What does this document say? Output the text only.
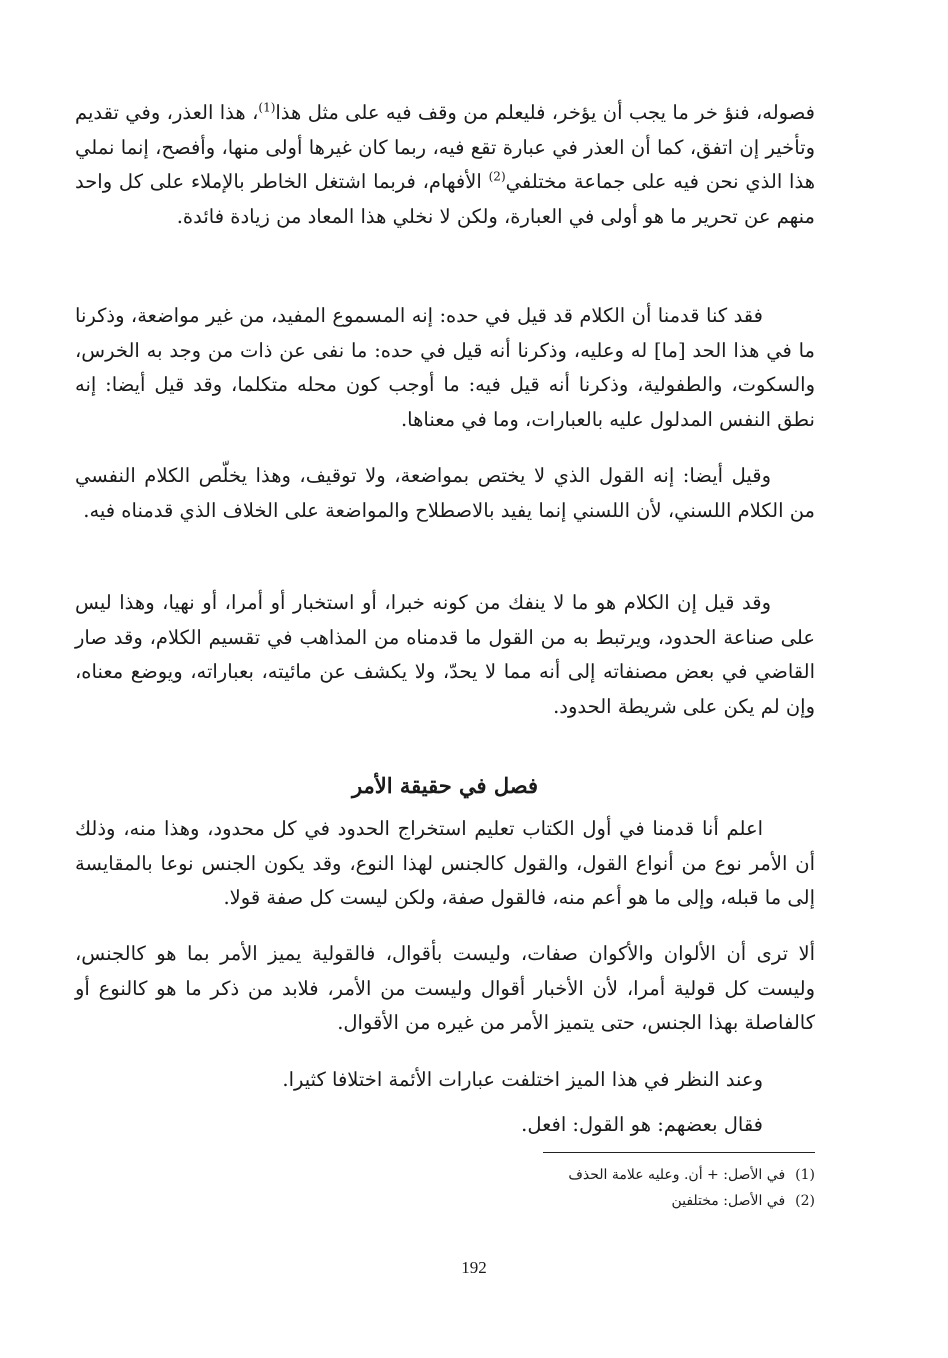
فصوله، فنؤ خر ما يجب أن يؤخر، فليعلم من وقف فيه على مثل هذا$^{(1)}$، هذا العذر، وفي تقديم وتأخير إن اتفق، كما أن العذر في عبارة تقع فيه، ربما كان غيرها أولى منها، وأفصح، إنما نملي هذا الذي نحن فيه على جماعة مختلفي$^{(2)}$ الأفهام، فربما اشتغل الخاطر بالإملاء على كل واحد منهم عن تحرير ما هو أولى في العبارة، ولكن لا نخلي هذا المعاد من زيادة فائدة.

فقد كنا قدمنا أن الكلام قد قيل في حده: إنه المسموع المفيد، من غير مواضعة، وذكرنا ما في هذا الحد [ما] له وعليه، وذكرنا أنه قيل في حده: ما نفى عن ذات من وجد به الخرس، والسكوت، والطفولية، وذكرنا أنه قيل فيه: ما أوجب كون محله متكلما، وقد قيل أيضا: إنه نطق النفس المدلول عليه بالعبارات، وما في معناها.

وقيل أيضا: إنه القول الذي لا يختص بمواضعة، ولا توقيف، وهذا يخلّص الكلام النفسي من الكلام اللسني، لأن اللسني إنما يفيد بالاصطلاح والمواضعة على الخلاف الذي قدمناه فيه.

وقد قيل إن الكلام هو ما لا ينفك من كونه خبرا، أو استخبار أو أمرا، أو نهيا، وهذا ليس على صناعة الحدود، ويرتبط به من القول ما قدمناه من المذاهب في تقسيم الكلام، وقد صار القاضي في بعض مصنفاته إلى أنه مما لا يحدّ، ولا يكشف عن مائيته، بعباراته، ويوضع معناه، وإن لم يكن على شريطة الحدود.

فصل في حقيقة الأمر

اعلم أنا قدمنا في أول الكتاب تعليم استخراج الحدود في كل محدود، وهذا منه، وذلك أن الأمر نوع من أنواع القول، والقول كالجنس لهذا النوع، وقد يكون الجنس نوعا بالمقايسة إلى ما قبله، وإلى ما هو أعم منه، فالقول صفة، ولكن ليست كل صفة قولا.

ألا ترى أن الألوان والأكوان صفات، وليست بأقوال، فالقولية يميز الأمر بما هو كالجنس، وليست كل قولية أمرا، لأن الأخبار أقوال وليست من الأمر، فلابد من ذكر ما هو كالنوع أو كالفاصلة بهذا الجنس، حتى يتميز الأمر من غيره من الأقوال.

وعند النظر في هذا الميز اختلفت عبارات الأئمة اختلافا كثيرا.

فقال بعضهم: هو القول: افعل.

(1)في الأصل: + أن. وعليه علامة الحذف

(2)في الأصل: مختلفين

192
